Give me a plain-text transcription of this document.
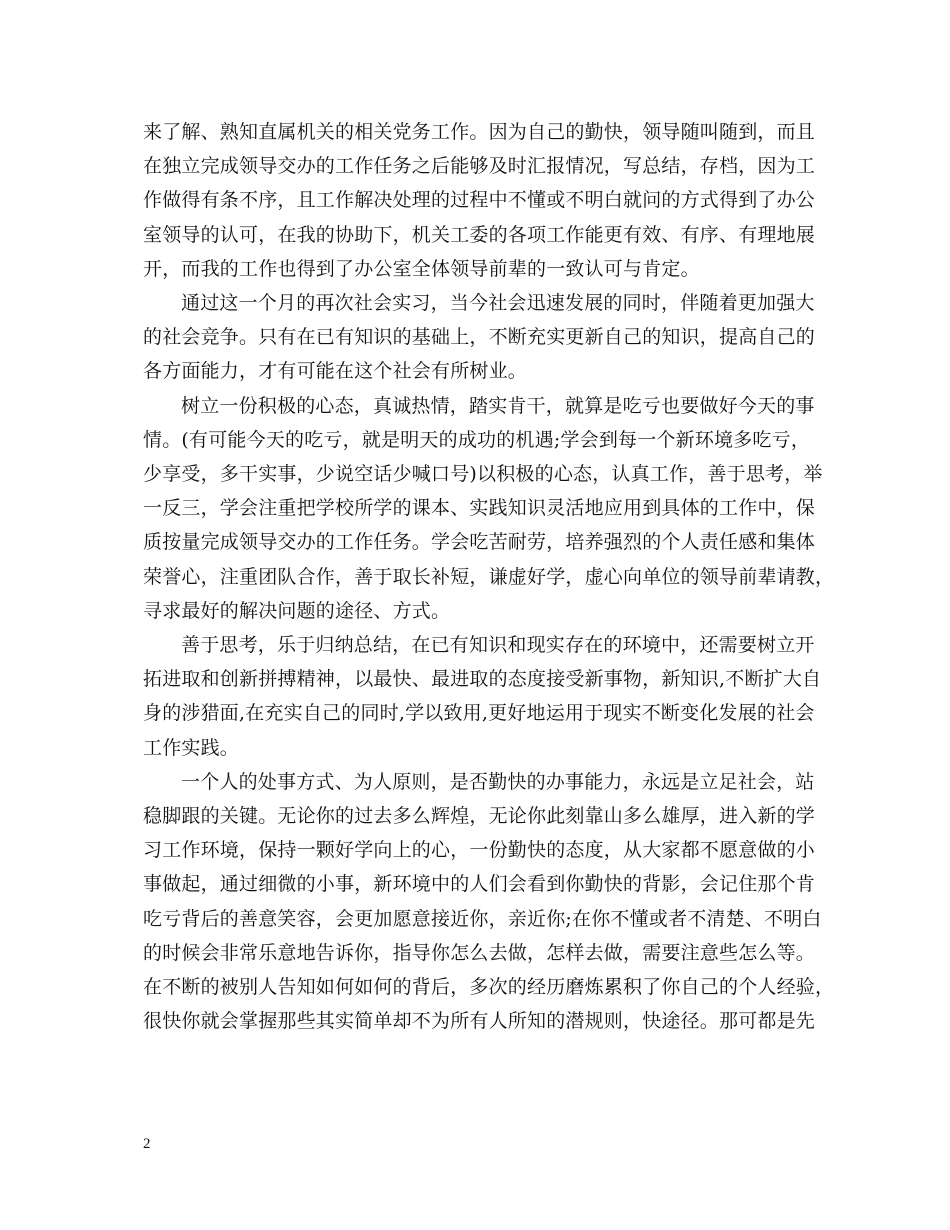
来了解、熟知直属机关的相关党务工作。因为自己的勤快，领导随叫随到，而且
在独立完成领导交办的工作任务之后能够及时汇报情况，写总结，存档，因为工
作做得有条不序，且工作解决处理的过程中不懂或不明白就问的方式得到了办公
室领导的认可，在我的协助下，机关工委的各项工作能更有效、有序、有理地展
开，而我的工作也得到了办公室全体领导前辈的一致认可与肯定。

通过这一个月的再次社会实习，当今社会迅速发展的同时，伴随着更加强大
的社会竞争。只有在已有知识的基础上，不断充实更新自己的知识，提高自己的
各方面能力，才有可能在这个社会有所树业。

树立一份积极的心态，真诚热情，踏实肯干，就算是吃亏也要做好今天的事
情。(有可能今天的吃亏，就是明天的成功的机遇;学会到每一个新环境多吃亏，
少享受，多干实事，少说空话少喊口号)以积极的心态，认真工作，善于思考，举
一反三，学会注重把学校所学的课本、实践知识灵活地应用到具体的工作中，保
质按量完成领导交办的工作任务。学会吃苦耐劳，培养强烈的个人责任感和集体
荣誉心，注重团队合作，善于取长补短，谦虚好学，虚心向单位的领导前辈请教，
寻求最好的解决问题的途径、方式。

善于思考，乐于归纳总结，在已有知识和现实存在的环境中，还需要树立开
拓进取和创新拼搏精神，以最快、最进取的态度接受新事物，新知识,不断扩大自
身的涉猎面,在充实自己的同时,学以致用,更好地运用于现实不断变化发展的社会
工作实践。

一个人的处事方式、为人原则，是否勤快的办事能力，永远是立足社会，站
稳脚跟的关键。无论你的过去多么辉煌，无论你此刻靠山多么雄厚，进入新的学
习工作环境，保持一颗好学向上的心，一份勤快的态度，从大家都不愿意做的小
事做起，通过细微的小事，新环境中的人们会看到你勤快的背影，会记住那个肯
吃亏背后的善意笑容，会更加愿意接近你，亲近你;在你不懂或者不清楚、不明白
的时候会非常乐意地告诉你，指导你怎么去做，怎样去做，需要注意些怎么等。
在不断的被别人告知如何如何的背后，多次的经历磨炼累积了你自己的个人经验，
很快你就会掌握那些其实简单却不为所有人所知的潜规则，快途径。那可都是先

2
